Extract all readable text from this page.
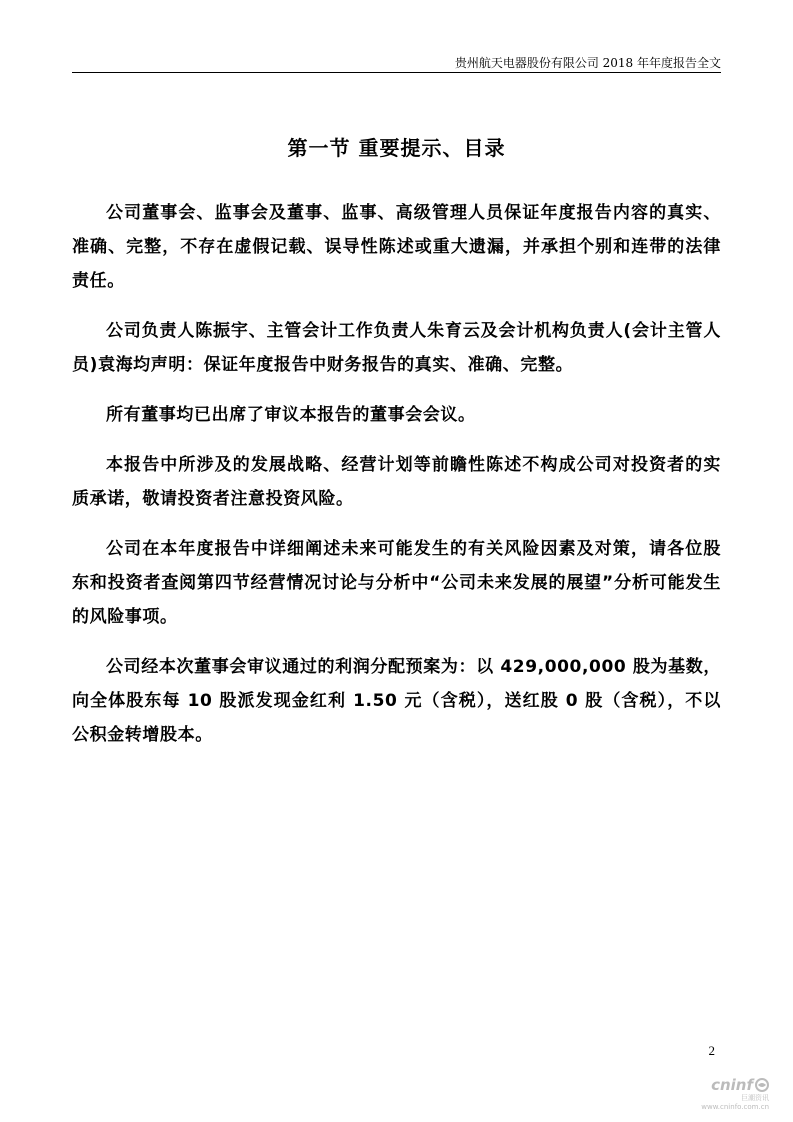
贵州航天电器股份有限公司 2018 年年度报告全文
第一节 重要提示、目录

公司董事会、监事会及董事、监事、高级管理人员保证年度报告内容的真实、准确、完整，不存在虚假记载、误导性陈述或重大遗漏，并承担个别和连带的法律责任。

公司负责人陈振宇、主管会计工作负责人朱育云及会计机构负责人(会计主管人员)袁海均声明：保证年度报告中财务报告的真实、准确、完整。

所有董事均已出席了审议本报告的董事会会议。

本报告中所涉及的发展战略、经营计划等前瞻性陈述不构成公司对投资者的实质承诺，敬请投资者注意投资风险。

公司在本年度报告中详细阐述未来可能发生的有关风险因素及对策，请各位股东和投资者查阅第四节经营情况讨论与分析中“公司未来发展的展望”分析可能发生的风险事项。

公司经本次董事会审议通过的利润分配预案为：以 429,000,000 股为基数，向全体股东每 10 股派发现金红利 1.50 元（含税），送红股 0 股（含税），不以公积金转增股本。

2
cninf
巨潮资讯
www.cninfo.com.cn
